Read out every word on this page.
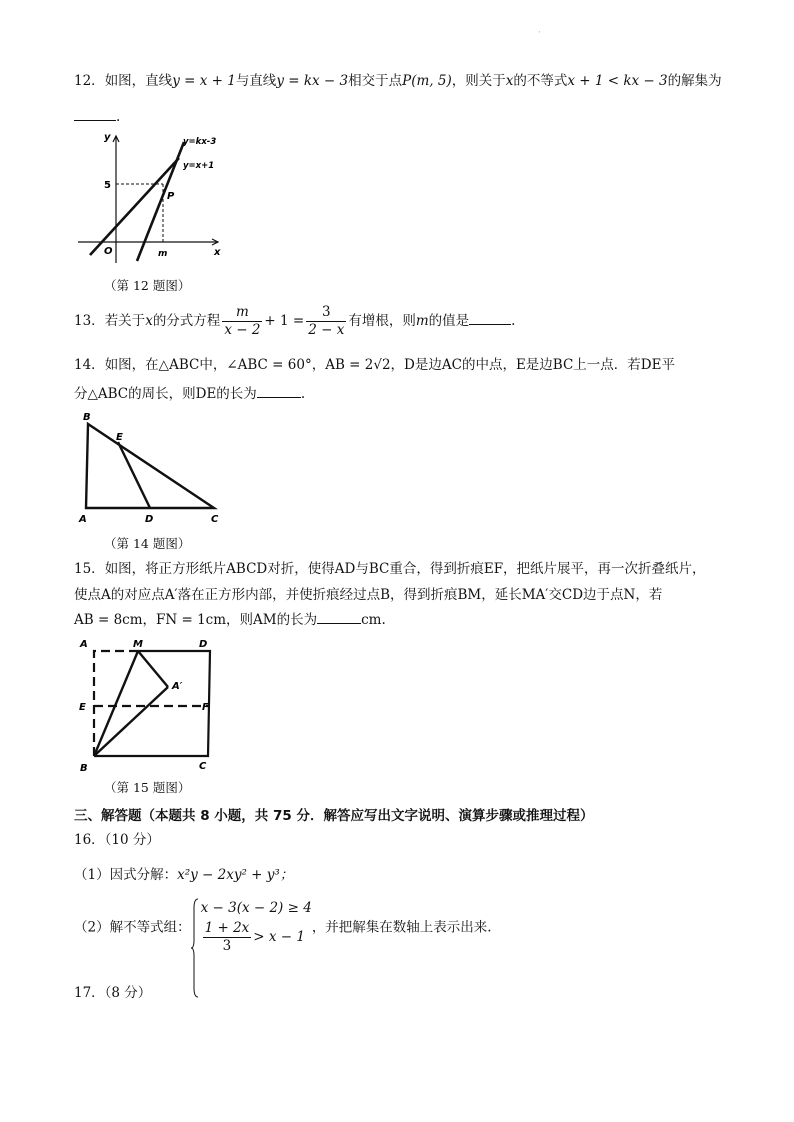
·
12．如图，直线y = x + 1与直线y = kx − 3相交于点P(m, 5)，则关于x的不等式x + 1 < kx − 3的解集为
.
y
x
O
5
m
P
y=kx-3
y=x+1
（第 12 题图）
13．若关于x的分式方程 $\frac{m}{x - 2} + 1 = \frac{3}{2 - x}$ 有增根，则m的值是	.
14．如图，在△ABC中，∠ABC = 60°，AB = 2√2，D是边AC的中点，E是边BC上一点．若DE平
分△ABC的周长，则DE的长为	.
B
E
A	D	C
（第 14 题图）
15．如图，将正方形纸片ABCD对折，使得AD与BC重合，得到折痕EF，把纸片展平，再一次折叠纸片，
使点A的对应点A′落在正方形内部，并使折痕经过点B，得到折痕BM，延长MA′交CD边于点N，若
AB = 8cm，FN = 1cm，则AM的长为	cm.
A	M	D
A′
E	F
B	C
（第 15 题图）
三、解答题（本题共 8 小题，共 75 分．解答应写出文字说明、演算步骤或推理过程）
16．（10 分）
（1）因式分解：x²y − 2xy² + y³；
（2）解不等式组：
x − 3(x − 2) ≥ 4
$\frac{1 + 2x}{3} > x - 1$
，并把解集在数轴上表示出来.
17．（8 分）
